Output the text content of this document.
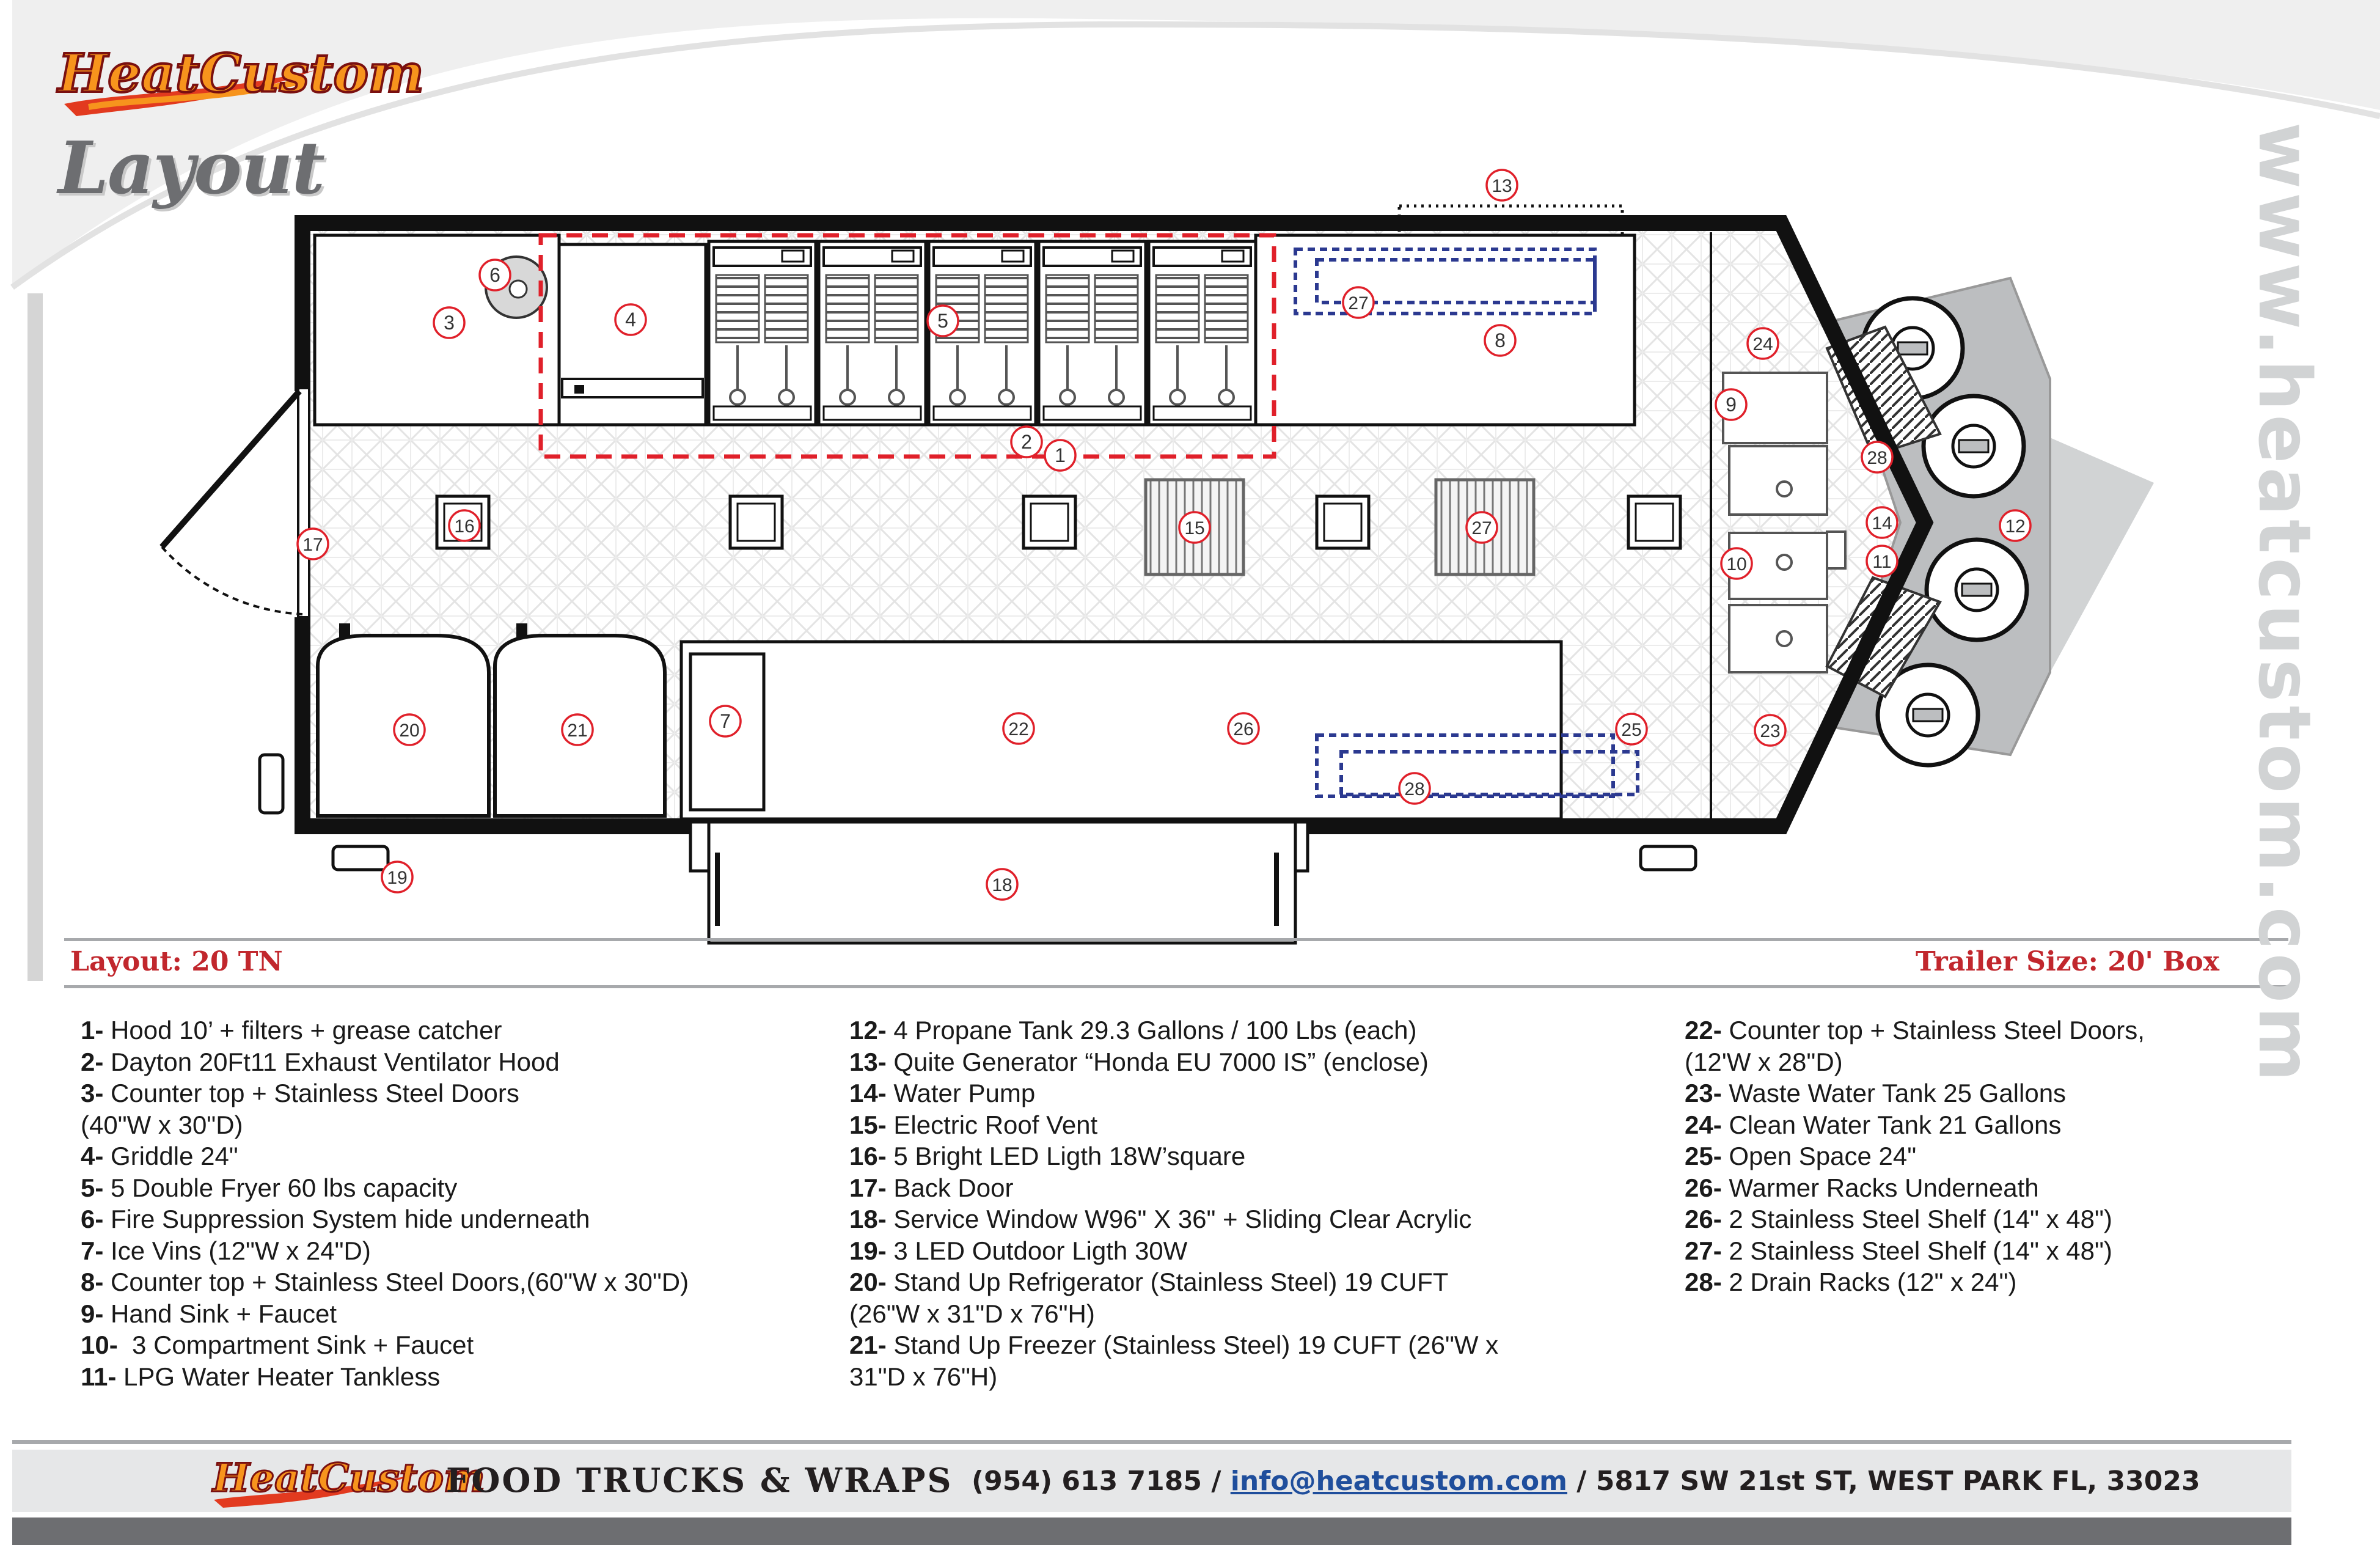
1
2
3	4	5
6
7
8
9
10	11
12
13
14
15
16
17
18
19
20	21	22	23
24
25
26
27
27
28
28
HeatCustom
Layout	www.heatcustom.com
Layout: 20 TN	Trailer Size: 20' Box
1- Hood 10’ + filters + grease catcher
2- Dayton 20Ft11 Exhaust Ventilator Hood
3- Counter top + Stainless Steel Doors
(40"W x 30"D)
4- Griddle 24"
5- 5 Double Fryer 60 lbs capacity
6- Fire Suppression System hide underneath
7- Ice Vins (12"W x 24"D)
8- Counter top + Stainless Steel Doors,(60"W x 30"D)
9- Hand Sink + Faucet
10-  3 Compartment Sink + Faucet
11- LPG Water Heater Tankless
12- 4 Propane Tank 29.3 Gallons / 100 Lbs (each)
13- Quite Generator “Honda EU 7000 IS” (enclose)
14- Water Pump
15- Electric Roof Vent
16- 5 Bright LED Ligth 18W’square
17- Back Door
18- Service Window W96" X 36" + Sliding Clear Acrylic
19- 3 LED Outdoor Ligth 30W
20- Stand Up Refrigerator (Stainless Steel) 19 CUFT
(26"W x 31"D x 76"H)
21- Stand Up Freezer (Stainless Steel) 19 CUFT (26"W x
31"D x 76"H)
22- Counter top + Stainless Steel Doors,
(12'W x 28"D)
23- Waste Water Tank 25 Gallons
24- Clean Water Tank 21 Gallons
25- Open Space 24"
26- Warmer Racks Underneath
26- 2 Stainless Steel Shelf (14" x 48")
27- 2 Stainless Steel Shelf (14" x 48")
28- 2 Drain Racks (12" x 24")
HeatCustom
FOOD TRUCKS & WRAPS (954) 613 7185 / info@heatcustom.com / 5817 SW 21st ST, WEST PARK FL, 33023
